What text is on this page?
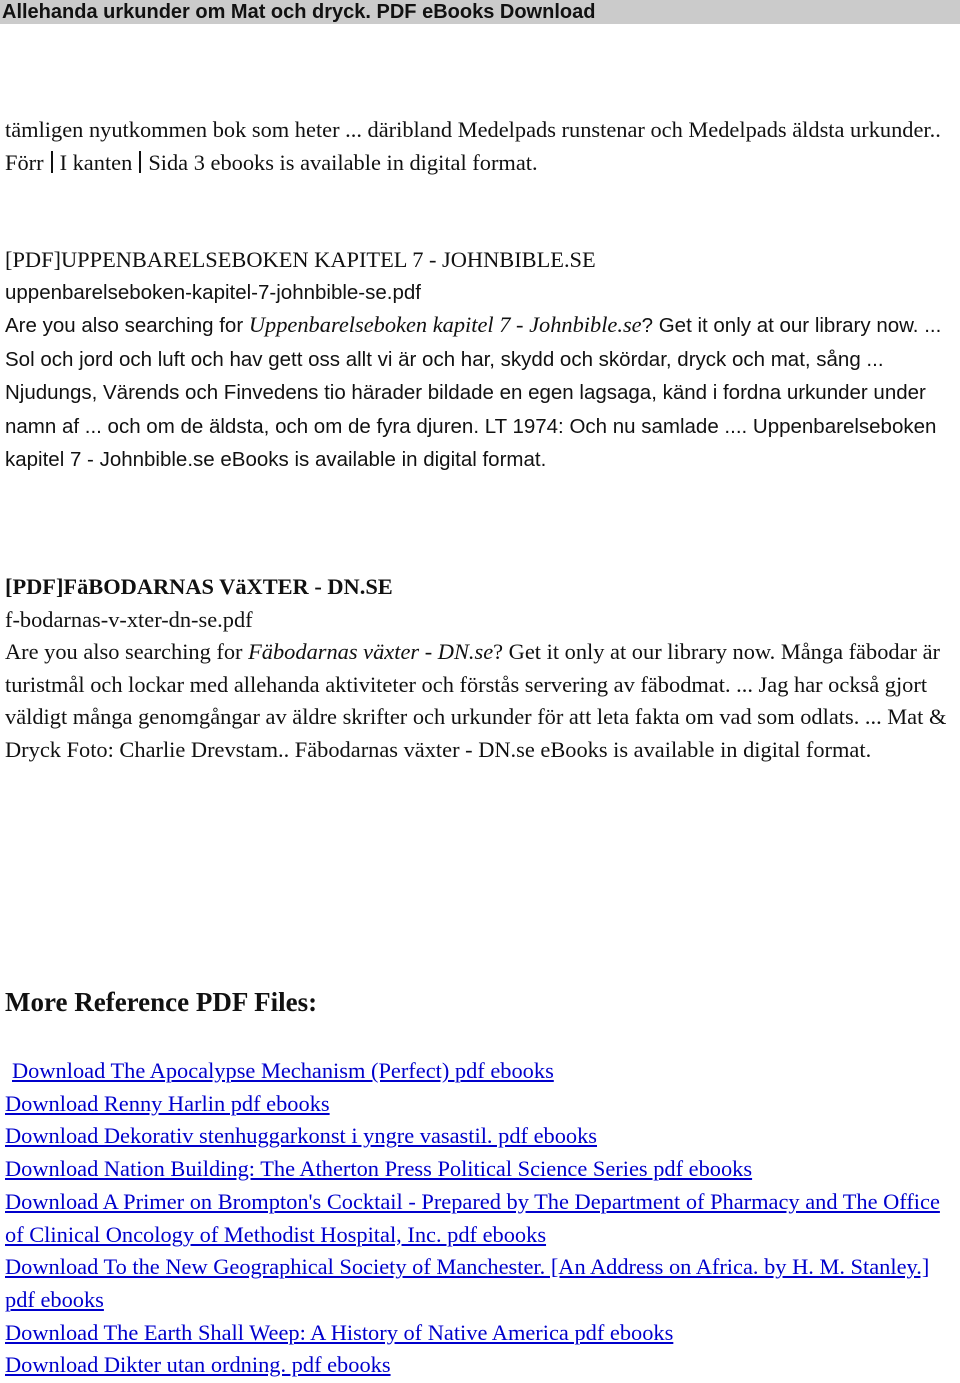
Allehanda urkunder om Mat och dryck. PDF eBooks Download

tämligen nyutkommen bok som heter ... däribland Medelpads runstenar och Medelpads äldsta urkunder.. Förr I kanten Sida 3 ebooks is available in digital format.

[PDF]UPPENBARELSEBOKEN KAPITEL 7 - JOHNBIBLE.SE
uppenbarelseboken-kapitel-7-johnbible-se.pdf
Are you also searching for Uppenbarelseboken kapitel 7 - Johnbible.se? Get it only at our library now. ... Sol och jord och luft och hav gett oss allt vi är och har, skydd och skördar, dryck och mat, sång ... Njudungs, Värends och Finvedens tio härader bildade en egen lagsaga, känd i fordna urkunder under namn af ... och om de äldsta, och om de fyra djuren. LT 1974: Och nu samlade .... Uppenbarelseboken kapitel 7 - Johnbible.se eBooks is available in digital format.
[PDF]FäBODARNAS VäXTER - DN.SE
f-bodarnas-v-xter-dn-se.pdf
Are you also searching for Fäbodarnas växter - DN.se? Get it only at our library now. Många fäbodar är turistmål och lockar med allehanda aktiviteter och förstås servering av fäbodmat. ... Jag har också gjort väldigt många genomgångar av äldre skrifter och urkunder för att leta fakta om vad som odlats. ... Mat & Dryck Foto: Charlie Drevstam.. Fäbodarnas växter - DN.se eBooks is available in digital format.
More Reference PDF Files:
Download The Apocalypse Mechanism (Perfect) pdf ebooks
Download Renny Harlin pdf ebooks
Download Dekorativ stenhuggarkonst i yngre vasastil. pdf ebooks
Download Nation Building: The Atherton Press Political Science Series pdf ebooks
Download A Primer on Brompton's Cocktail - Prepared by The Department of Pharmacy and The Office of Clinical Oncology of Methodist Hospital, Inc. pdf ebooks
Download To the New Geographical Society of Manchester. [An Address on Africa. by H. M. Stanley.] pdf ebooks
Download The Earth Shall Weep: A History of Native America pdf ebooks
Download Dikter utan ordning. pdf ebooks
